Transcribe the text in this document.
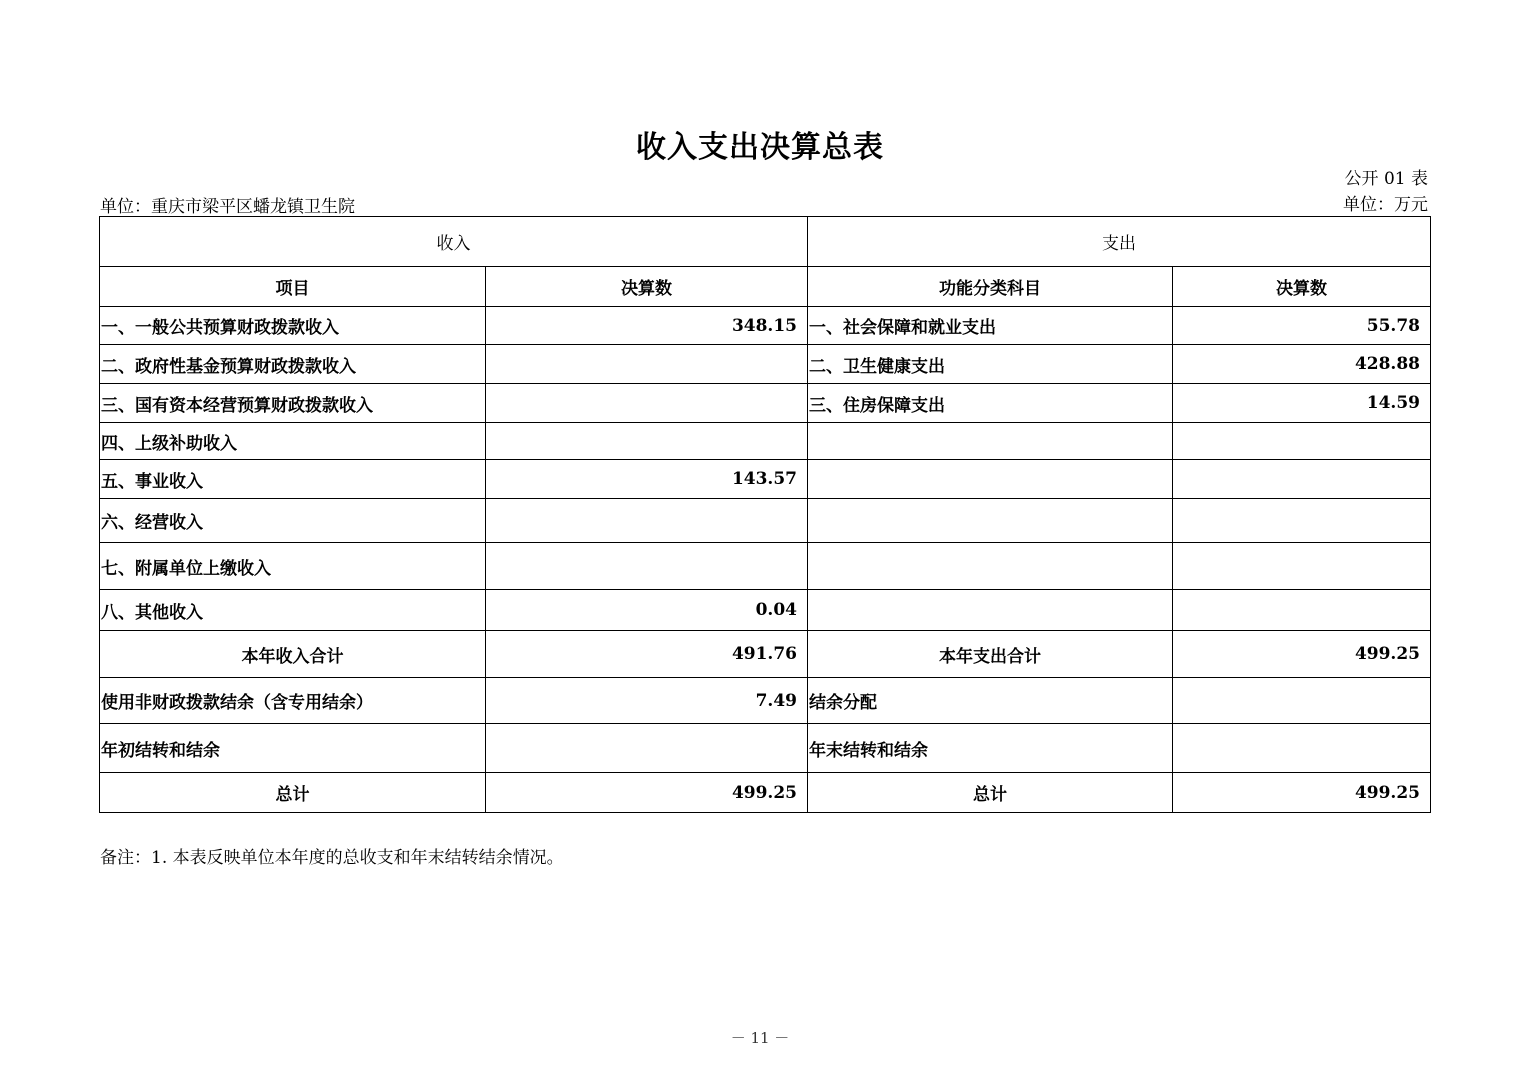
收入支出决算总表
公开 01 表
单位：重庆市梁平区蟠龙镇卫生院	单位：万元
收入		支出	
项目	决算数	功能分类科目	决算数
一、一般公共预算财政拨款收入	348.15	一、社会保障和就业支出	55.78
二、政府性基金预算财政拨款收入		二、卫生健康支出	428.88
三、国有资本经营预算财政拨款收入		三、住房保障支出	14.59
四、上级补助收入			
五、事业收入	143.57		
六、经营收入			
七、附属单位上缴收入			
八、其他收入	0.04		
本年收入合计	491.76	本年支出合计	499.25
使用非财政拨款结余（含专用结余）	7.49	结余分配	
年初结转和结余		年末结转和结余	
总计	499.25	总计	499.25
备注：1. 本表反映单位本年度的总收支和年末结转结余情况。
－ 11 －
